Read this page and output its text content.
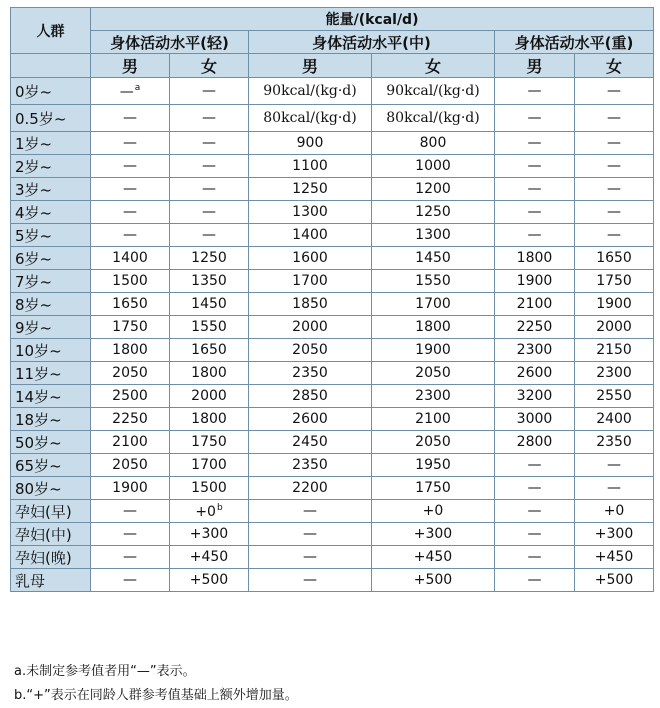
人群	能量/(kcal/d)					
	身体活动水平(轻)		身体活动水平(中)		身体活动水平(重)	
	男	女	男	女	男	女
0岁~	—$^a$	—	90kcal/(kg·d)	90kcal/(kg·d)	—	—
0.5岁~	—	—	80kcal/(kg·d)	80kcal/(kg·d)	—	—
1岁~	—	—	900	800	—	—
2岁~	—	—	1100	1000	—	—
3岁~	—	—	1250	1200	—	—
4岁~	—	—	1300	1250	—	—
5岁~	—	—	1400	1300	—	—
6岁~	1400	1250	1600	1450	1800	1650
7岁~	1500	1350	1700	1550	1900	1750
8岁~	1650	1450	1850	1700	2100	1900
9岁~	1750	1550	2000	1800	2250	2000
10岁~	1800	1650	2050	1900	2300	2150
11岁~	2050	1800	2350	2050	2600	2300
14岁~	2500	2000	2850	2300	3200	2550
18岁~	2250	1800	2600	2100	3000	2400
50岁~	2100	1750	2450	2050	2800	2350
65岁~	2050	1700	2350	1950	—	—
80岁~	1900	1500	2200	1750	—	—
孕妇(早)	—	$+0^b$	—	+0	—	+0
孕妇(中)	—	+300	—	+300	—	+300
孕妇(晚)	—	+450	—	+450	—	+450
乳母	—	+500	—	+500	—	+500
a.未制定参考值者用“—”表示。
b.“+”表示在同龄人群参考值基础上额外增加量。
